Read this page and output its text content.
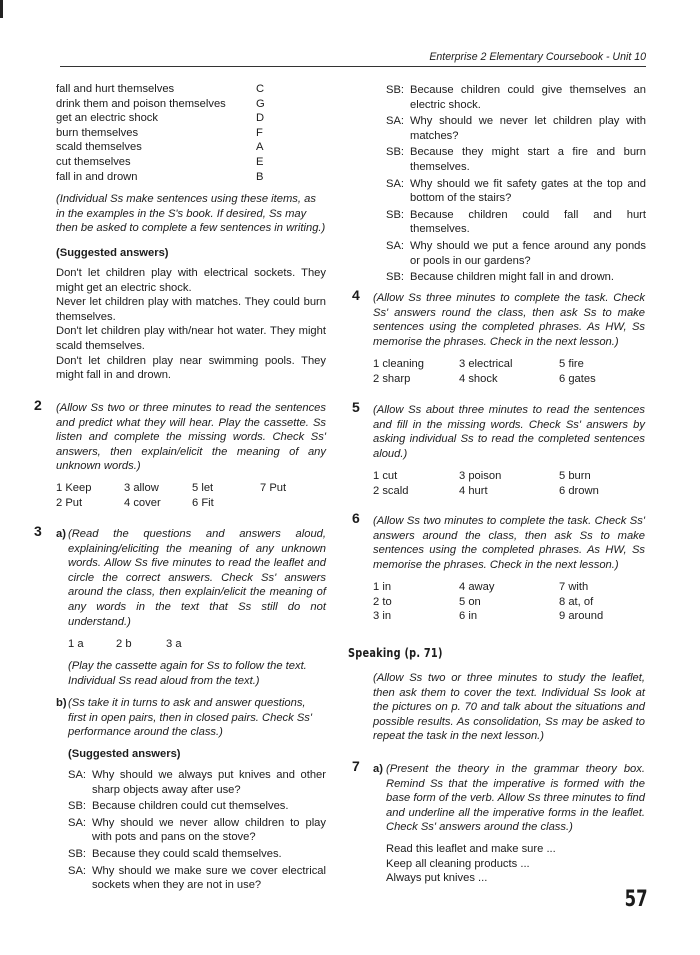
Enterprise 2 Elementary Coursebook - Unit 10
fall and hurt themselves	C
drink them and poison themselves	G
get an electric shock	D
burn themselves	F
scald themselves	A
cut themselves	E
fall in and drown	B

(Individual Ss make sentences using these items, as in the examples in the S's book. If desired, Ss may then be asked to complete a few sentences in writing.)

(Suggested answers)

Don't let children play with electrical sockets. They might get an electric shock.

Never let children play with matches. They could burn themselves.

Don't let children play with/near hot water. They might scald themselves.

Don't let children play near swimming pools. They might fall in and drown.

2 (Allow Ss two or three minutes to read the sentences and predict what they will hear. Play the cassette. Ss listen and complete the missing words. Check Ss' answers, then explain/elicit the meaning of any unknown words.)

1 Keep	3 allow	5 let	7 Put
2 Put	4 cover	6 Fit
3 a) (Read the questions and answers aloud, explaining/eliciting the meaning of any unknown words. Allow Ss five minutes to read the leaflet and circle the correct answers. Check Ss' answers around the class, then explain/elicit the meaning of any words in the text that Ss still do not understand.)

1 a	2 b	3 a

(Play the cassette again for Ss to follow the text. Individual Ss read aloud from the text.)

b) (Ss take it in turns to ask and answer questions, first in open pairs, then in closed pairs. Check Ss' performance around the class.)

(Suggested answers)
SA: Why should we always put knives and other sharp objects away after use?
SB: Because children could cut themselves.
SA: Why should we never allow children to play with pots and pans on the stove?
SB: Because they could scald themselves.
SA: Why should we make sure we cover electrical sockets when they are not in use?
SB: Because children could give themselves an electric shock.
SA: Why should we never let children play with matches?
SB: Because they might start a fire and burn themselves.
SA: Why should we fit safety gates at the top and bottom of the stairs?
SB: Because children could fall and hurt themselves.
SA: Why should we put a fence around any ponds or pools in our gardens?
SB: Because children might fall in and drown.
4 (Allow Ss three minutes to complete the task. Check Ss' answers round the class, then ask Ss to make sentences using the completed phrases. As HW, Ss memorise the phrases. Check in the next lesson.)

1 cleaning	3 electrical	5 fire
2 sharp	4 shock	6 gates
5 (Allow Ss about three minutes to read the sentences and fill in the missing words. Check Ss' answers by asking individual Ss to read the completed sentences aloud.)

1 cut	3 poison	5 burn
2 scald	4 hurt	6 drown
6 (Allow Ss two minutes to complete the task. Check Ss' answers around the class, then ask Ss to make sentences using the completed phrases. As HW, Ss memorise the phrases. Check in the next lesson.)

1 in	4 away	7 with
2 to	5 on	8 at, of
3 in	6 in	9 around
Speaking (p. 71)

(Allow Ss two or three minutes to study the leaflet, then ask them to cover the text. Individual Ss look at the pictures on p. 70 and talk about the situations and possible results. As consolidation, Ss may be asked to repeat the task in the next lesson.)

7 a) (Present the theory in the grammar theory box. Remind Ss that the imperative is formed with the base form of the verb. Allow Ss three minutes to find and underline all the imperative forms in the leaflet. Check Ss' answers around the class.)

Read this leaflet and make sure ...
Keep all cleaning products ...
Always put knives ...
57
